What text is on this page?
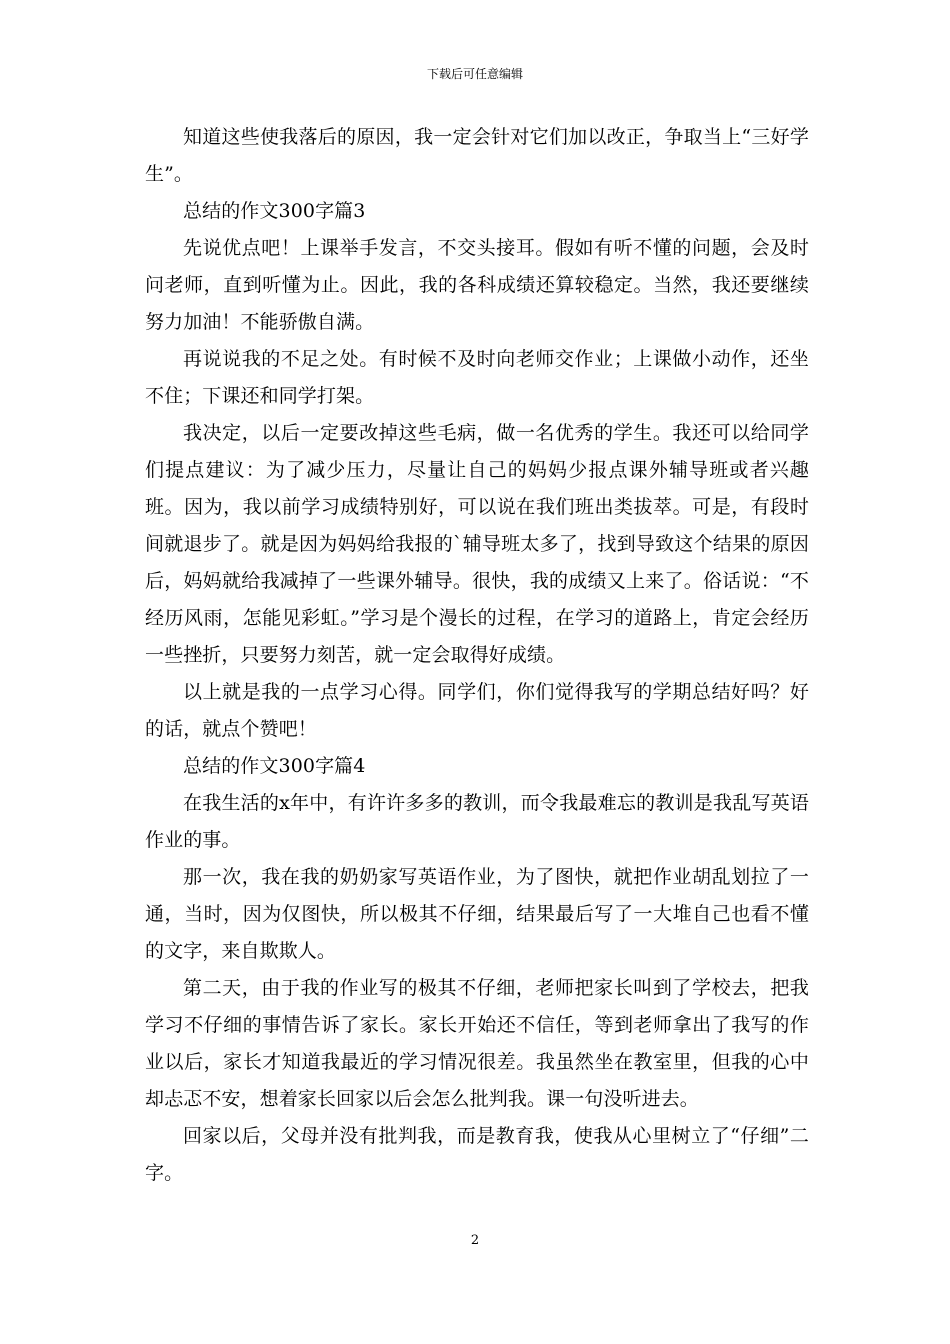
下载后可任意编辑

知道这些使我落后的原因，我一定会针对它们加以改正，争取当上“三好学生”。

总结的作文300字篇3

先说优点吧！上课举手发言，不交头接耳。假如有听不懂的问题，会及时问老师，直到听懂为止。因此，我的各科成绩还算较稳定。当然，我还要继续努力加油！不能骄傲自满。

再说说我的不足之处。有时候不及时向老师交作业；上课做小动作，还坐不住；下课还和同学打架。

我决定，以后一定要改掉这些毛病，做一名优秀的学生。我还可以给同学们提点建议：为了减少压力，尽量让自己的妈妈少报点课外辅导班或者兴趣班。因为，我以前学习成绩特别好，可以说在我们班出类拔萃。可是，有段时间就退步了。就是因为妈妈给我报的`辅导班太多了，找到导致这个结果的原因后，妈妈就给我减掉了一些课外辅导。很快，我的成绩又上来了。俗话说：“不经历风雨，怎能见彩虹。”学习是个漫长的过程，在学习的道路上，肯定会经历一些挫折，只要努力刻苦，就一定会取得好成绩。

以上就是我的一点学习心得。同学们，你们觉得我写的学期总结好吗？好的话，就点个赞吧！

总结的作文300字篇4

在我生活的x年中，有许许多多的教训，而令我最难忘的教训是我乱写英语作业的事。

那一次，我在我的奶奶家写英语作业，为了图快，就把作业胡乱划拉了一通，当时，因为仅图快，所以极其不仔细，结果最后写了一大堆自己也看不懂的文字，来自欺欺人。

第二天，由于我的作业写的极其不仔细，老师把家长叫到了学校去，把我学习不仔细的事情告诉了家长。家长开始还不信任，等到老师拿出了我写的作业以后，家长才知道我最近的学习情况很差。我虽然坐在教室里，但我的心中却忐忑不安，想着家长回家以后会怎么批判我。课一句没听进去。

回家以后，父母并没有批判我，而是教育我，使我从心里树立了“仔细”二字。

2
